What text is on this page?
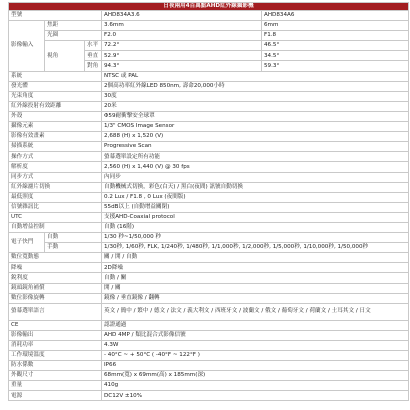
日夜兩用4百萬點AHD紅外線攝影機				
型號			AHD834A3.6	AHD834A6
影像輸入	焦距		3.6mm	6mm
	光圈		F2.0	F1.8
	視角	水平	72.2°	46.5°
		垂直	52.9°	34.5°
		對角	94.3°	59.3°
系統			NTSC 或 PAL	
發光體			2個高功率紅外線LED 850nm, 壽命20,000小時	
光束角度			30度	
紅外線投射有效距離			20米	
外殼			Φ59耐衝擊安全球罩	
攝像元素			1/3" CMOS Image Sensor	
影像有效畫素			2,688 (H) x 1,520 (V)	
掃描系統			Progressive Scan	
操作方式			螢幕選單設定所有功能	
解析度			2,560 (H) x 1,440 (V) @ 30 fps	
同步方式			內同步	
紅外線濾片切換			自動機械式切換，彩色(白天) / 黑白(夜間) 訊號自動切換	
最低照度			0.2 Lux / F1.8 , 0 Lux (夜間版)	
信號雜訊比			55dB以上 (自動增益關閉)	
UTC			支援AHD-Coaxial protocol	
自動增益控制			自動 (16階)	
電子快門	自動		1/30 秒~1/50,000 秒	
	手動		1/30秒, 1/60秒, FLK, 1/240秒, 1/480秒, 1/1,000秒, 1/2,000秒, 1/5,000秒, 1/10,000秒, 1/50,000秒	
數位寬動態			關 / 開 / 自動	
降噪			2D降噪	
銳利度			自動 / 關	
鏡頭鏡角補償			開 / 關	
數位影像旋轉			鏡像 / 垂直鏡像 / 翻轉	
螢幕選單語言			英文 / 簡中 / 繁中 / 德文 / 法文 / 義大利文 / 西班牙文 / 波蘭文 / 俄文 / 葡萄牙文 / 荷蘭文 / 土耳其文 / 日文	
CE			認證通過	
影像輸出			AHD 4MP / 類比混合式影像信號	
消耗功率			4.3W	
工作環境溫度			- 40°C ~ + 50°C ( -40°F ~ 122°F )	
防水係數			IP66	
外觀尺寸			68mm(寬) x 69mm(高) x 185mm(深)	
重量			410g	
電源			DC12V ±10%	
